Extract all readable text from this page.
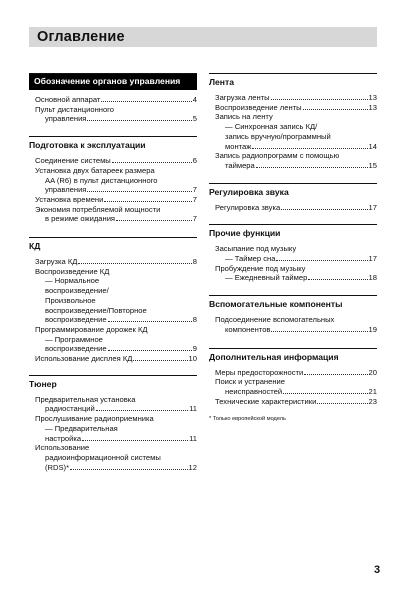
Оглавление
Обозначение органов управления
Основной аппарат	4
Пульт дистанционного
управления	5
Подготовка к эксплуатации
Соединение системы	6
Установка двух батареек размера
AA (R6) в пульт дистанционного
управления	7
Установка времени	7
Экономия потребляемой мощности
в режиме ожидания	7
КД
Загрузка КД	8
Воспроизведение КД
— Нормальное
воспроизведение/
Произвольное
воспроизведение/Повторное
воспроизведение	8
Программирование дорожек КД
— Программное
воспроизведение	9
Использование дисплея КД	10
Тюнер
Предварительная установка
радиостанций	11
Прослушивание радиоприемника
— Предварительная
настройка	11
Использование
радиоинформационной системы
(RDS)*	12
Лента
Загрузка ленты	13
Воспроизведение ленты	13
Запись на ленту
— Синхронная запись КД/
запись вручную/программный
монтаж	14
Запись радиопрограмм с помощью
таймера	15
Регулировка звука
Регулировка звука	17
Прочие функции
Засыпание под музыку
— Таймер сна	17
Пробуждение под музыку
— Ежедневный таймер	18
Вспомогательные компоненты
Подсоединение вспомогательных
компонентов	19
Дополнительная информация
Меры предосторожности	20
Поиск и устранение
неисправностей	21
Технические характеристики	23
* Только европейской модель
3
